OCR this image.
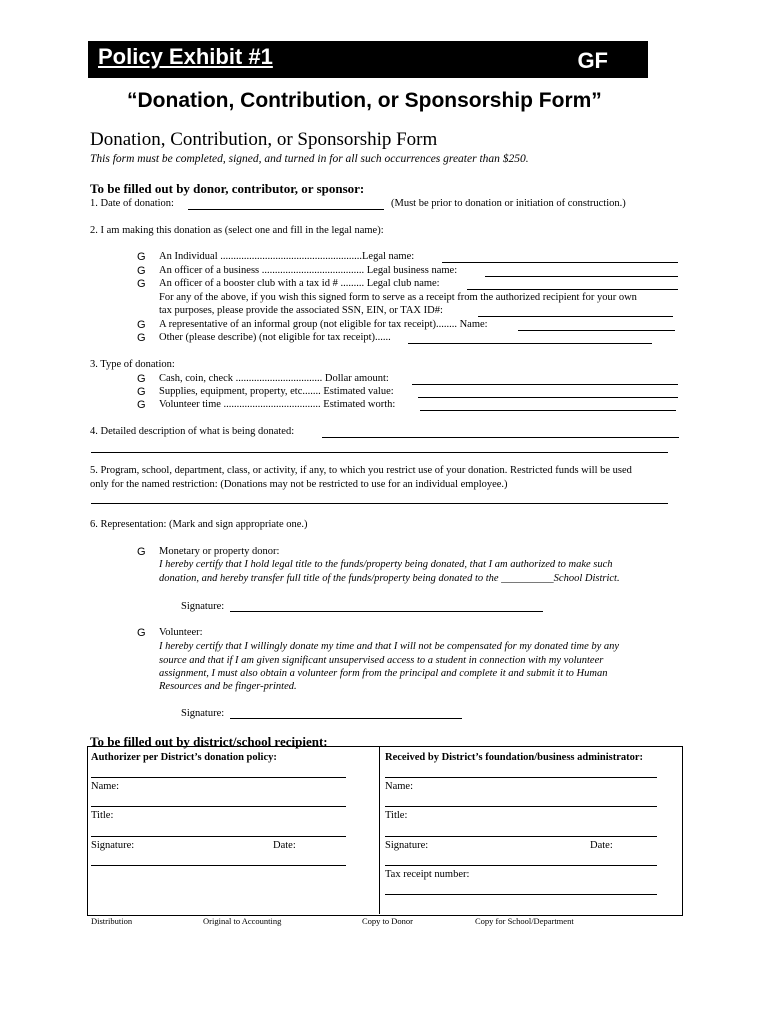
Policy Exhibit #1	GF
“Donation, Contribution, or Sponsorship Form”
Donation, Contribution, or Sponsorship Form
This form must be completed, signed, and turned in for all such occurrences greater than $250.
To be filled out by donor, contributor, or sponsor:
1. Date of donation:	(Must be prior to donation or initiation of construction.)
2. I am making this donation as (select one and fill in the legal name):
G An Individual ......................................................Legal name:
G An officer of a business ....................................... Legal business name:
G An officer of a booster club with a tax id # ......... Legal club name:
For any of the above, if you wish this signed form to serve as a receipt from the authorized recipient for your own
tax purposes, please provide the associated SSN, EIN, or TAX ID#:
G A representative of an informal group (not eligible for tax receipt)........ Name:
G Other (please describe) (not eligible for tax receipt)......
3. Type of donation:
G Cash, coin, check ................................. Dollar amount:
G Supplies, equipment, property, etc....... Estimated value:
G Volunteer time ..................................... Estimated worth:
4. Detailed description of what is being donated:
5. Program, school, department, class, or activity, if any, to which you restrict use of your donation. Restricted funds will be used
only for the named restriction: (Donations may not be restricted to use for an individual employee.)
6. Representation: (Mark and sign appropriate one.)
G Monetary or property donor:
I hereby certify that I hold legal title to the funds/property being donated, that I am authorized to make such
donation, and hereby transfer full title of the funds/property being donated to the __________School District.
Signature:
G Volunteer:
I hereby certify that I willingly donate my time and that I will not be compensated for my donated time by any
source and that if I am given significant unsupervised access to a student in connection with my volunteer
assignment, I must also obtain a volunteer form from the principal and complete it and submit it to Human
Resources and be finger-printed.
Signature:
To be filled out by district/school recipient:
Authorizer per District’s donation policy:
Name:
Title:
Signature:	Date:
Received by District’s foundation/business administrator:
Name:
Title:
Signature:	Date:
Tax receipt number:
Distribution	Original to Accounting	Copy to Donor	Copy for School/Department
